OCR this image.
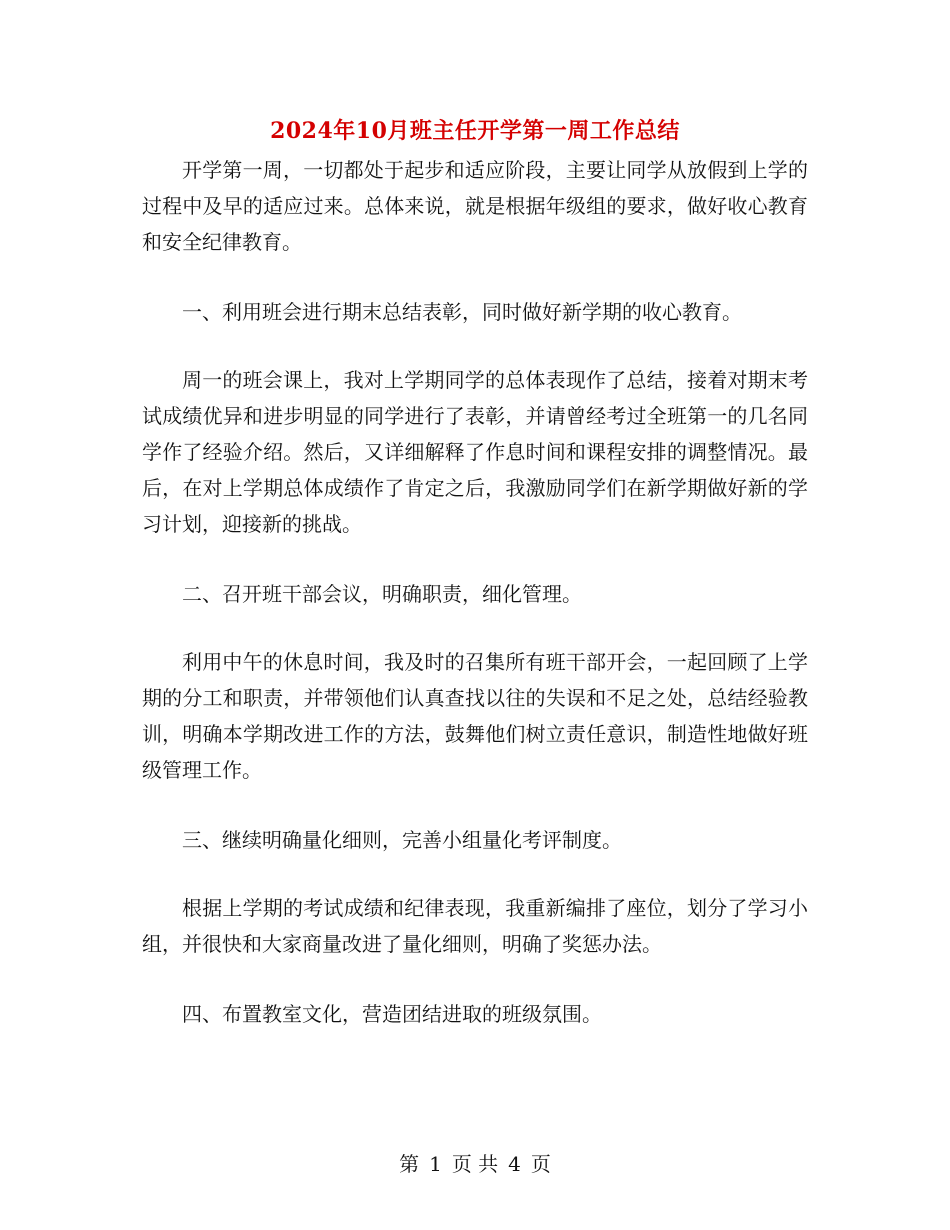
2024年10月班主任开学第一周工作总结

开学第一周，一切都处于起步和适应阶段，主要让同学从放假到上学的过程中及早的适应过来。总体来说，就是根据年级组的要求，做好收心教育和安全纪律教育。

一、利用班会进行期末总结表彰，同时做好新学期的收心教育。

周一的班会课上，我对上学期同学的总体表现作了总结，接着对期末考试成绩优异和进步明显的同学进行了表彰，并请曾经考过全班第一的几名同学作了经验介绍。然后，又详细解释了作息时间和课程安排的调整情况。最后，在对上学期总体成绩作了肯定之后，我激励同学们在新学期做好新的学习计划，迎接新的挑战。

二、召开班干部会议，明确职责，细化管理。

利用中午的休息时间，我及时的召集所有班干部开会，一起回顾了上学期的分工和职责，并带领他们认真查找以往的失误和不足之处，总结经验教训，明确本学期改进工作的方法，鼓舞他们树立责任意识，制造性地做好班级管理工作。

三、继续明确量化细则，完善小组量化考评制度。

根据上学期的考试成绩和纪律表现，我重新编排了座位，划分了学习小组，并很快和大家商量改进了量化细则，明确了奖惩办法。

四、布置教室文化，营造团结进取的班级氛围。

第 1 页 共 4 页
